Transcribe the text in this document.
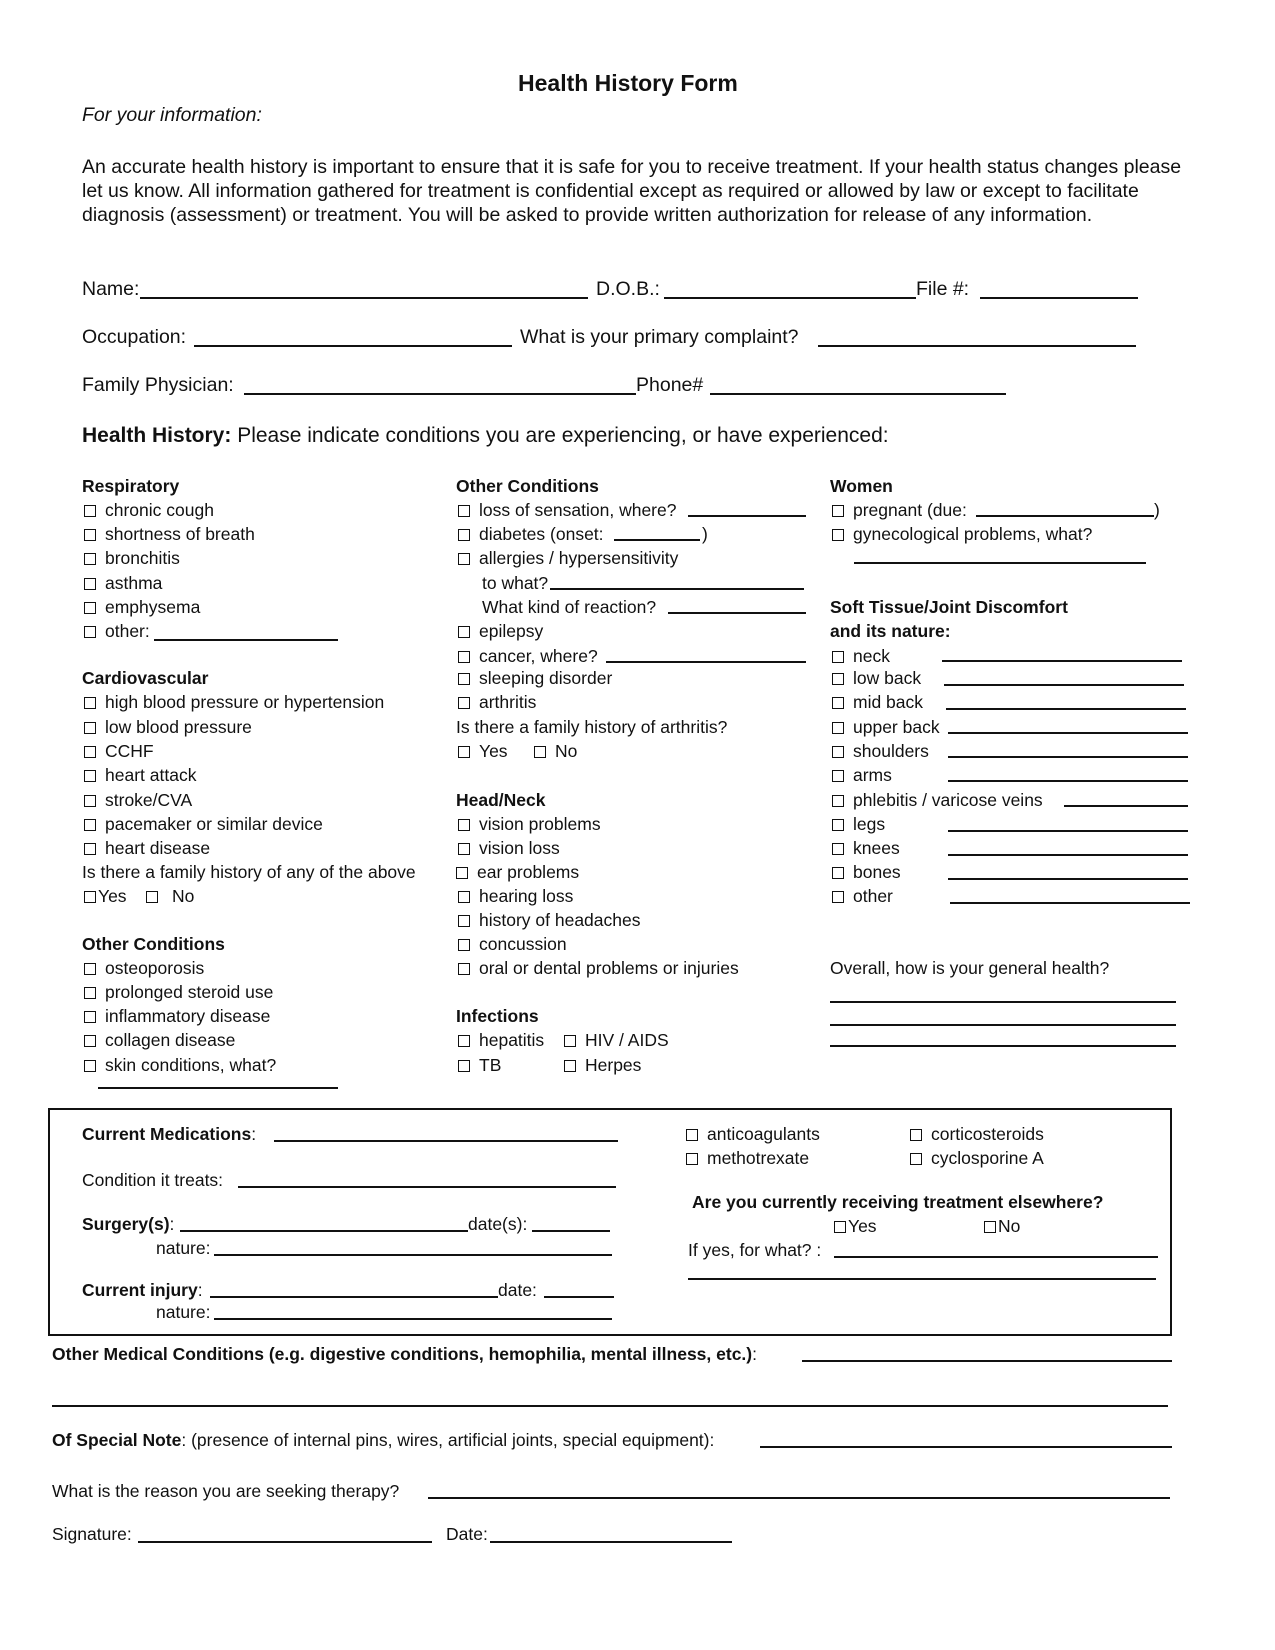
Health History Form
For your information:
An accurate health history is important to ensure that it is safe for you to receive treatment. If your health status changes please let us know. All information gathered for treatment is confidential except as required or allowed by law or except to facilitate diagnosis (assessment) or treatment. You will be asked to provide written authorization for release of any information.
Name:	D.O.B.:	File #:
Occupation:	What is your primary complaint?
Family Physician:	Phone#
Health History: Please indicate conditions you are experiencing, or have experienced:
Respiratory
chronic cough
shortness of breath
bronchitis
asthma
emphysema
other:
Cardiovascular
high blood pressure or hypertension
low blood pressure
CCHF
heart attack
stroke/CVA
pacemaker or similar device
heart disease
Is there a family history of any of the above
Yes	No
Other Conditions
osteoporosis
prolonged steroid use
inflammatory disease
collagen disease
skin conditions, what?
Other Conditions
loss of sensation, where?
diabetes (onset:	)
allergies / hypersensitivity
to what?
What kind of reaction?
epilepsy
cancer, where?
sleeping disorder
arthritis
Is there a family history of arthritis?
Yes	No
Head/Neck
vision problems
vision loss
ear problems
hearing loss
history of headaches
concussion
oral or dental problems or injuries
Infections
hepatitis	HIV / AIDS
TB	Herpes
Women
pregnant (due:	)
gynecological problems, what?
Soft Tissue/Joint Discomfort
and its nature:
neck
low back
mid back
upper back
shoulders
arms
phlebitis / varicose veins
legs
knees
bones
other
Overall, how is your general health?
Current Medications:
Condition it treats:
Surgery(s):	date(s):
nature:
Current injury:	date:
nature:
anticoagulants	corticosteroids
methotrexate	cyclosporine A
Are you currently receiving treatment elsewhere?
Yes	No
If yes, for what? :
Other Medical Conditions (e.g. digestive conditions, hemophilia, mental illness, etc.):
Of Special Note: (presence of internal pins, wires, artificial joints, special equipment):
What is the reason you are seeking therapy?
Signature:	Date:
